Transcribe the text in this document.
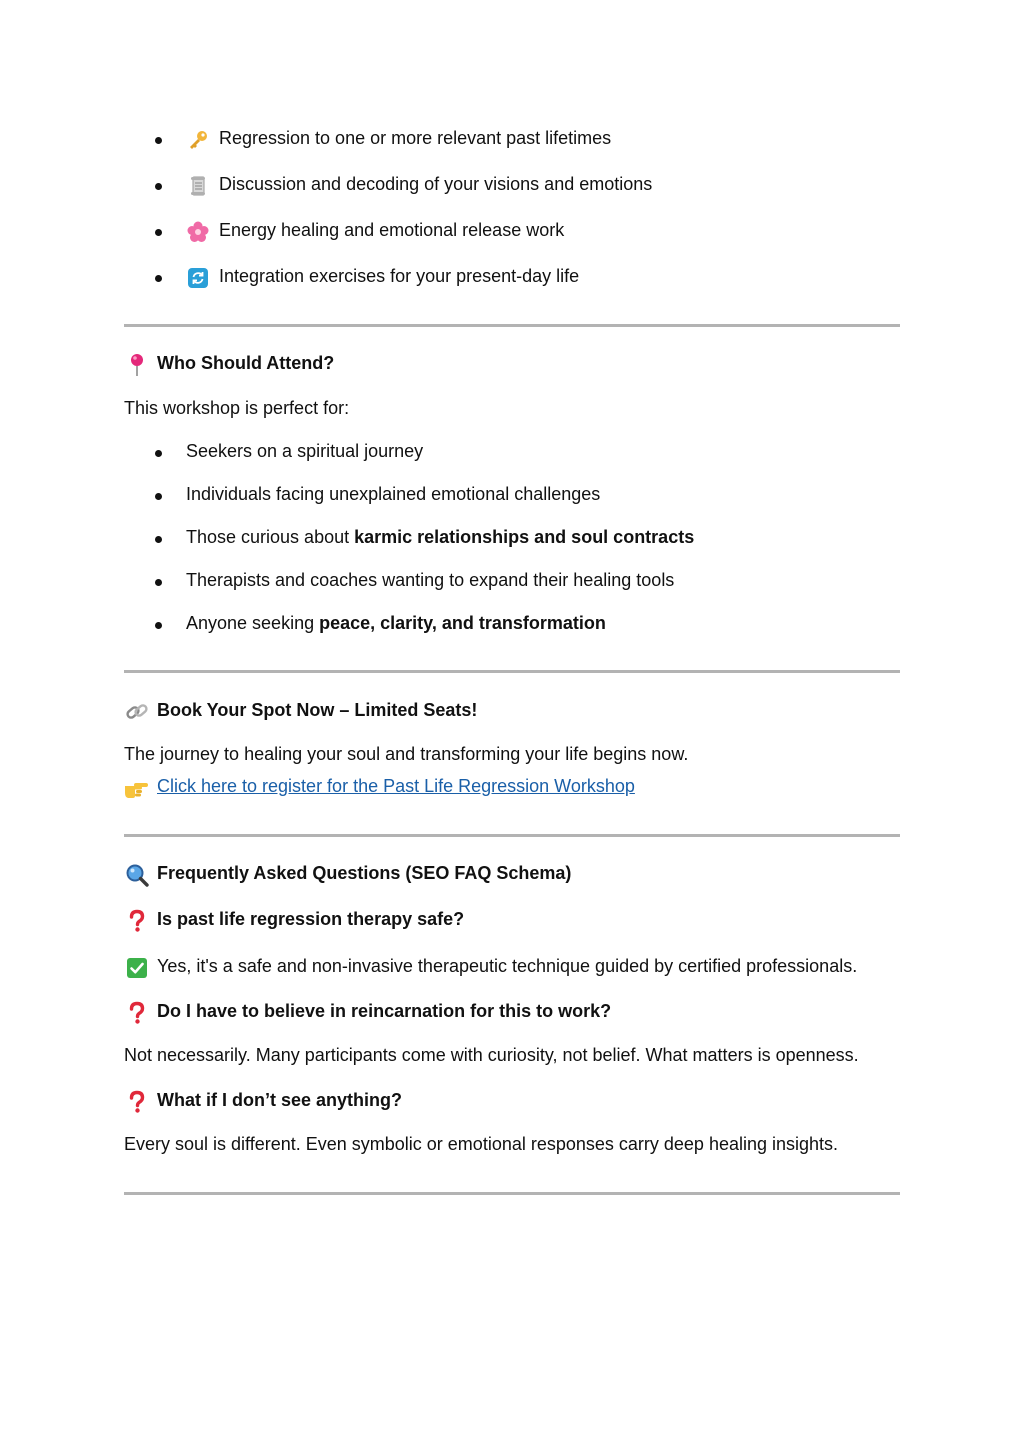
Regression to one or more relevant past lifetimes
Discussion and decoding of your visions and emotions
Energy healing and emotional release work
Integration exercises for your present-day life
Who Should Attend?
This workshop is perfect for:
Seekers on a spiritual journey
Individuals facing unexplained emotional challenges
Those curious about karmic relationships and soul contracts
Therapists and coaches wanting to expand their healing tools
Anyone seeking peace, clarity, and transformation
Book Your Spot Now – Limited Seats!
The journey to healing your soul and transforming your life begins now.
Click here to register for the Past Life Regression Workshop
Frequently Asked Questions (SEO FAQ Schema)
Is past life regression therapy safe?
Yes, it's a safe and non-invasive therapeutic technique guided by certified professionals.
Do I have to believe in reincarnation for this to work?
Not necessarily. Many participants come with curiosity, not belief. What matters is openness.
What if I don’t see anything?
Every soul is different. Even symbolic or emotional responses carry deep healing insights.
